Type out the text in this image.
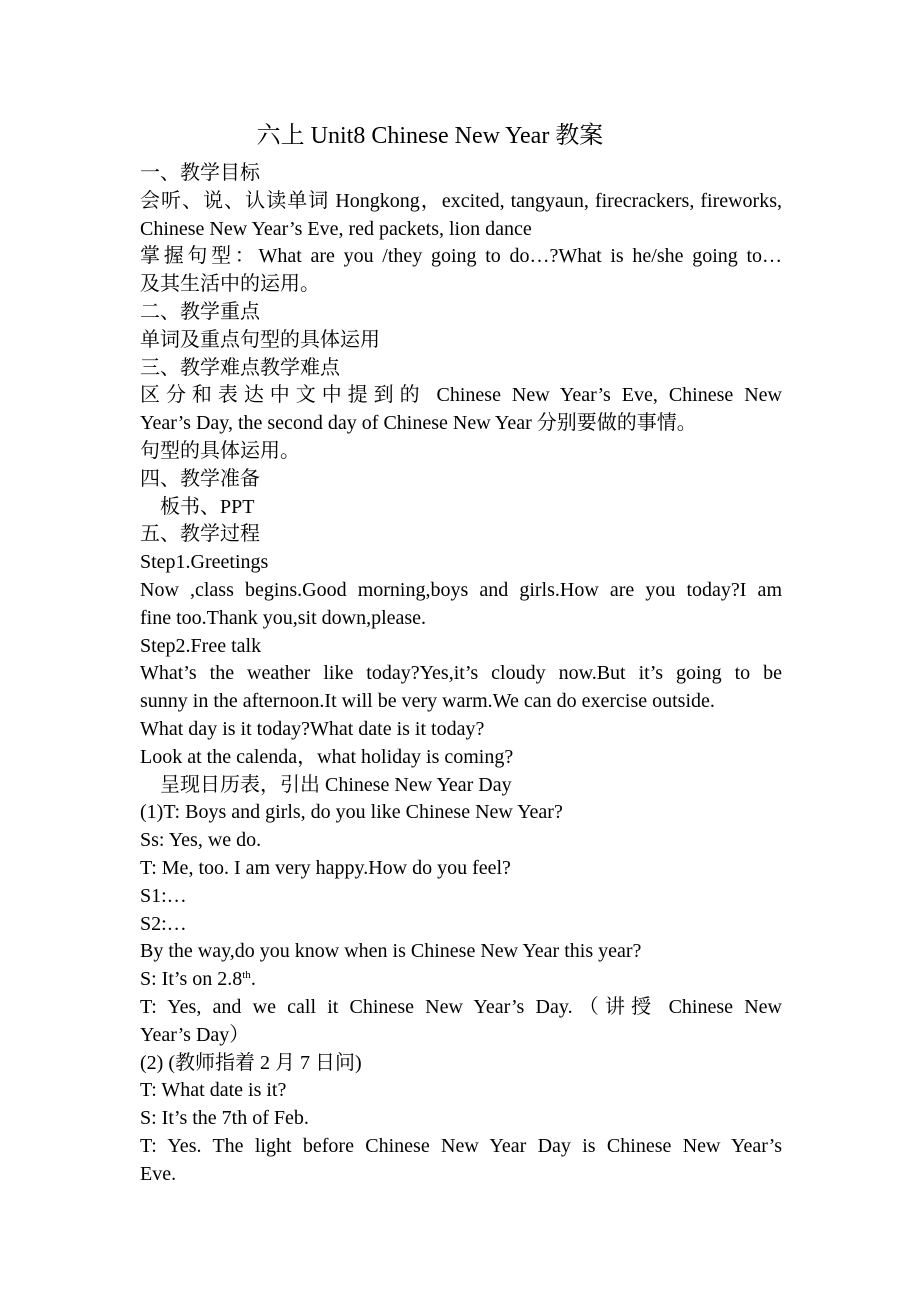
六上 Unit8 Chinese New Year 教案
一、教学目标
会听、说、认读单词 Hongkong，excited, tangyaun, firecrackers, fireworks,
Chinese New Year’s Eve, red packets, lion dance
掌握句型：What are you /they going to do…?What is he/she going to…
及其生活中的运用。
二、教学重点
单词及重点句型的具体运用
三、教学难点教学难点
区分和表达中文中提到的 Chinese New Year’s Eve, Chinese New
Year’s Day, the second day of Chinese New Year 分别要做的事情。
句型的具体运用。
四、教学准备
　板书、PPT
五、教学过程
Step1.Greetings
Now ,class begins.Good morning,boys and girls.How are you today?I am
fine too.Thank you,sit down,please.
Step2.Free talk
What’s the weather like today?Yes,it’s cloudy now.But it’s going to be
sunny in the afternoon.It will be very warm.We can do exercise outside.
What day is it today?What date is it today?
Look at the calenda，what holiday is coming?
　呈现日历表，引出 Chinese New Year Day
(1)T: Boys and girls, do you like Chinese New Year?
Ss: Yes, we do.
T: Me, too. I am very happy.How do you feel?
S1:…
S2:…
By the way,do you know when is Chinese New Year this year?
S: It’s on 2.8th.
T: Yes, and we call it Chinese New Year’s Day.（讲授 Chinese New
Year’s Day）
(2) (教师指着 2 月 7 日问)
T: What date is it?
S: It’s the 7th of Feb.
T: Yes. The light before Chinese New Year Day is Chinese New Year’s
Eve.
